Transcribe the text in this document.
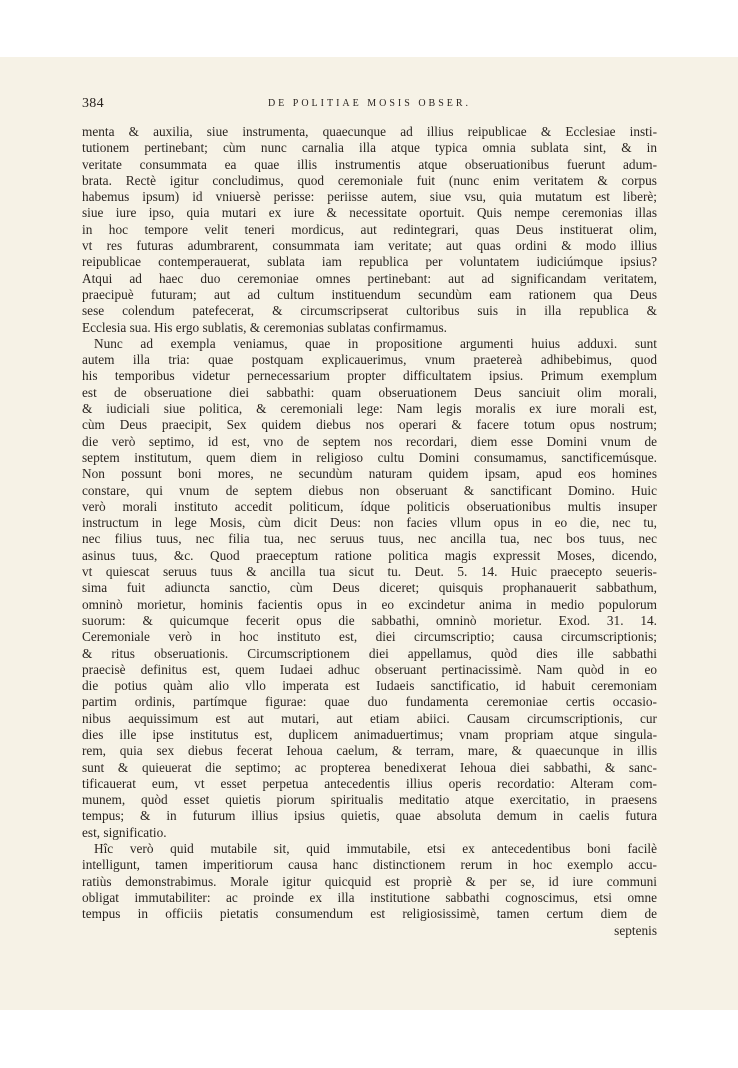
384	DE POLITIAE MOSIS OBSER.
menta & auxilia, siue instrumenta, quaecunque ad illius reipublicae & Ecclesiae insti-
tutionem pertinebant; cùm nunc carnalia illa atque typica omnia sublata sint, & in
veritate consummata ea quae illis instrumentis atque obseruationibus fuerunt adum-
brata. Rectè igitur concludimus, quod ceremoniale fuit (nunc enim veritatem & corpus
habemus ipsum) id vniuersè perisse: periisse autem, siue vsu, quia mutatum est liberè;
siue iure ipso, quia mutari ex iure & necessitate oportuit. Quis nempe ceremonias illas
in hoc tempore velit teneri mordicus, aut redintegrari, quas Deus instituerat olim,
vt res futuras adumbrarent, consummata iam veritate; aut quas ordini & modo illius
reipublicae contemperauerat, sublata iam republica per voluntatem iudiciúmque ipsius?
Atqui ad haec duo ceremoniae omnes pertinebant: aut ad significandam veritatem,
praecipuè futuram; aut ad cultum instituendum secundùm eam rationem qua Deus
sese colendum patefecerat, & circumscripserat cultoribus suis in illa republica &
Ecclesia sua. His ergo sublatis, & ceremonias sublatas confirmamus.
Nunc ad exempla veniamus, quae in propositione argumenti huius adduxi. sunt
autem illa tria: quae postquam explicauerimus, vnum praetereà adhibebimus, quod
his temporibus videtur pernecessarium propter difficultatem ipsius. Primum exemplum
est de obseruatione diei sabbathi: quam obseruationem Deus sanciuit olim morali,
& iudiciali siue politica, & ceremoniali lege: Nam legis moralis ex iure morali est,
cùm Deus praecipit, Sex quidem diebus nos operari & facere totum opus nostrum;
die verò septimo, id est, vno de septem nos recordari, diem esse Domini vnum de
septem institutum, quem diem in religioso cultu Domini consumamus, sanctificemúsque.
Non possunt boni mores, ne secundùm naturam quidem ipsam, apud eos homines
constare, qui vnum de septem diebus non obseruant & sanctificant Domino. Huic
verò morali instituto accedit politicum, ídque politicis obseruationibus multis insuper
instructum in lege Mosis, cùm dicit Deus: non facies vllum opus in eo die, nec tu,
nec filius tuus, nec filia tua, nec seruus tuus, nec ancilla tua, nec bos tuus, nec
asinus tuus, &c. Quod praeceptum ratione politica magis expressit Moses, dicendo,
vt quiescat seruus tuus & ancilla tua sicut tu. Deut. 5. 14. Huic praecepto seueris-
sima fuit adiuncta sanctio, cùm Deus diceret; quisquis prophanauerit sabbathum,
omninò morietur, hominis facientis opus in eo excindetur anima in medio populorum
suorum: & quicumque fecerit opus die sabbathi, omninò morietur. Exod. 31. 14.
Ceremoniale verò in hoc instituto est, diei circumscriptio; causa circumscriptionis;
& ritus obseruationis. Circumscriptionem diei appellamus, quòd dies ille sabbathi
praecisè definitus est, quem Iudaei adhuc obseruant pertinacissimè. Nam quòd in eo
die potius quàm alio vllo imperata est Iudaeis sanctificatio, id habuit ceremoniam
partim ordinis, partímque figurae: quae duo fundamenta ceremoniae certis occasio-
nibus aequissimum est aut mutari, aut etiam abiici. Causam circumscriptionis, cur
dies ille ipse institutus est, duplicem animaduertimus; vnam propriam atque singula-
rem, quia sex diebus fecerat Iehoua caelum, & terram, mare, & quaecunque in illis
sunt & quieuerat die septimo; ac propterea benedixerat Iehoua diei sabbathi, & sanc-
tificauerat eum, vt esset perpetua antecedentis illius operis recordatio: Alteram com-
munem, quòd esset quietis piorum spiritualis meditatio atque exercitatio, in praesens
tempus; & in futurum illius ipsius quietis, quae absoluta demum in caelis futura
est, significatio.
Hîc verò quid mutabile sit, quid immutabile, etsi ex antecedentibus boni facilè
intelligunt, tamen imperitiorum causa hanc distinctionem rerum in hoc exemplo accu-
ratiùs demonstrabimus. Morale igitur quicquid est propriè & per se, id iure communi
obligat immutabiliter: ac proinde ex illa institutione sabbathi cognoscimus, etsi omne
tempus in officiis pietatis consumendum est religiosissimè, tamen certum diem de
septenis
